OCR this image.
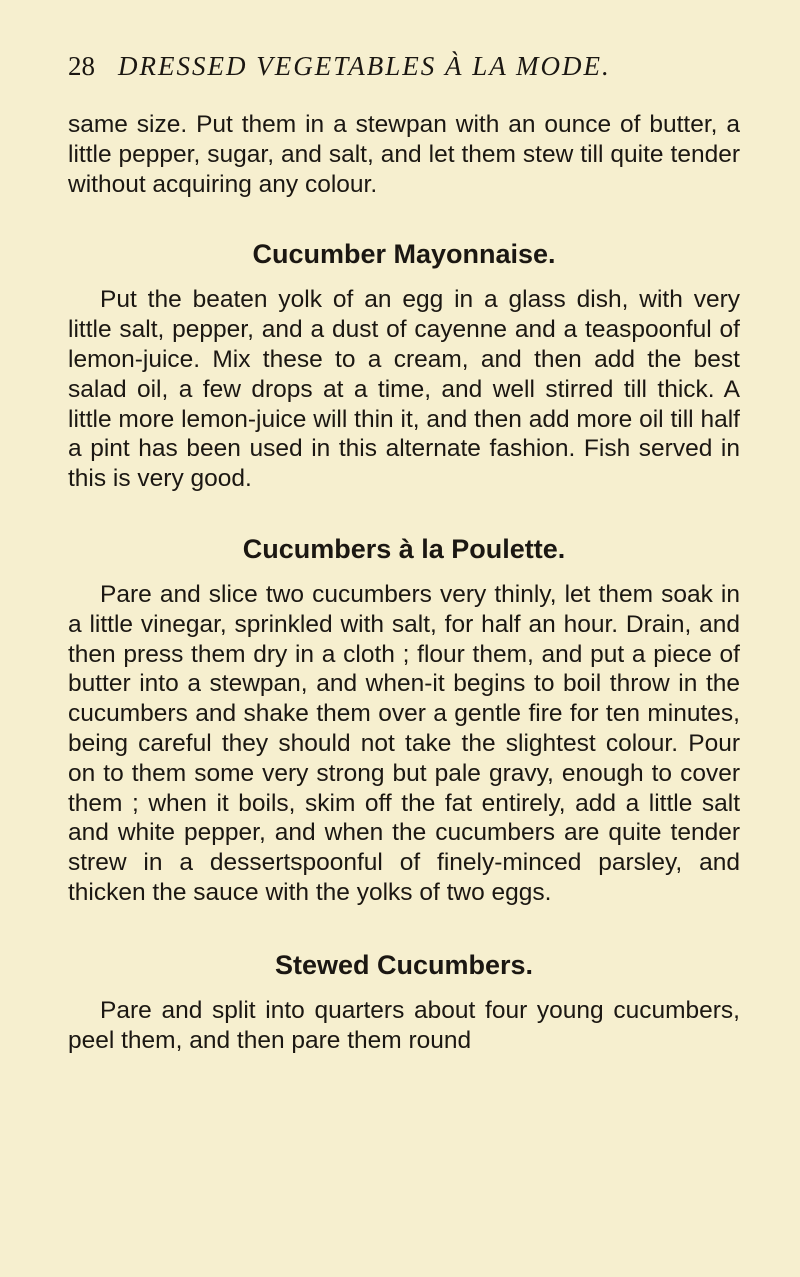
28 DRESSED VEGETABLES À LA MODE.

same size. Put them in a stewpan with an ounce of butter, a little pepper, sugar, and salt, and let them stew till quite tender without acquiring any colour.

Cucumber Mayonnaise.

Put the beaten yolk of an egg in a glass dish, with very little salt, pepper, and a dust of cayenne and a teaspoonful of lemon-juice. Mix these to a cream, and then add the best salad oil, a few drops at a time, and well stirred till thick. A little more lemon-juice will thin it, and then add more oil till half a pint has been used in this alternate fashion. Fish served in this is very good.

Cucumbers à la Poulette.

Pare and slice two cucumbers very thinly, let them soak in a little vinegar, sprinkled with salt, for half an hour. Drain, and then press them dry in a cloth ; flour them, and put a piece of butter into a stewpan, and when-it begins to boil throw in the cucumbers and shake them over a gentle fire for ten minutes, being careful they should not take the slightest colour. Pour on to them some very strong but pale gravy, enough to cover them ; when it boils, skim off the fat entirely, add a little salt and white pepper, and when the cucumbers are quite tender strew in a dessertspoonful of finely-minced parsley, and thicken the sauce with the yolks of two eggs.

Stewed Cucumbers.

Pare and split into quarters about four young cucumbers, peel them, and then pare them round
